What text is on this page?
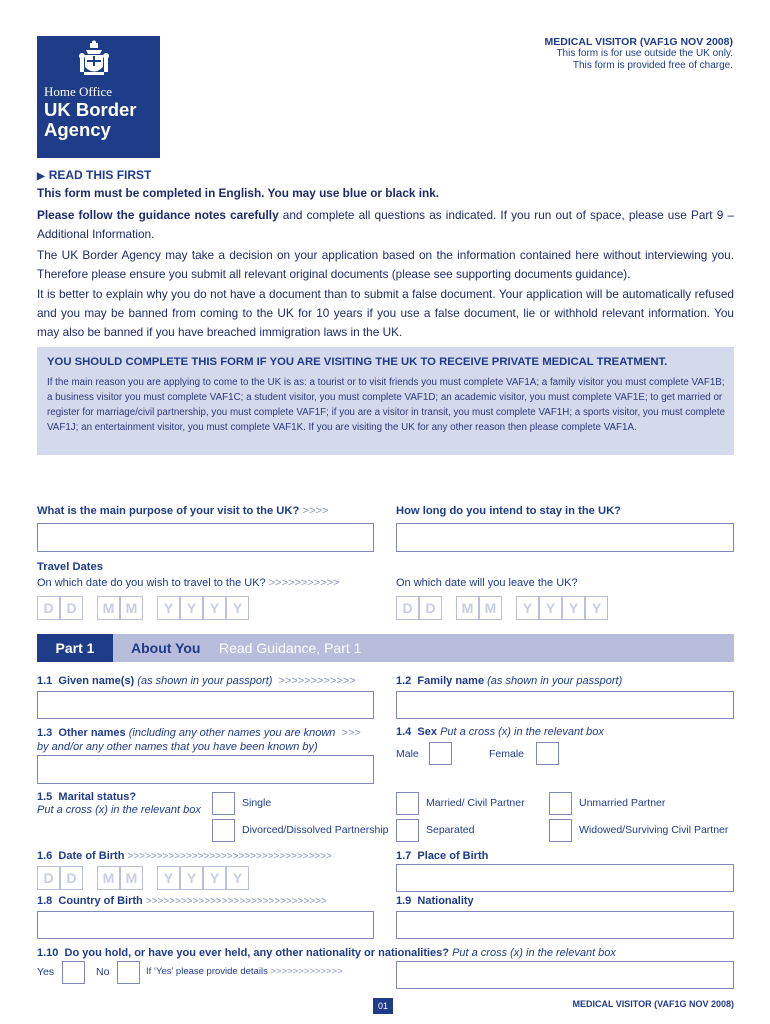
Home Office
UK Border
Agency
MEDICAL VISITOR (VAF1G NOV 2008)
This form is for use outside the UK only.
This form is provided free of charge.
▶ READ THIS FIRST
This form must be completed in English. You may use blue or black ink.
Please follow the guidance notes carefully and complete all questions as indicated. If you run out of space, please use Part 9 – Additional Information.
The UK Border Agency may take a decision on your application based on the information contained here without interviewing you. Therefore please ensure you submit all relevant original documents (please see supporting documents guidance).
It is better to explain why you do not have a document than to submit a false document. Your application will be automatically refused and you may be banned from coming to the UK for 10 years if you use a false document, lie or withhold relevant information. You may also be banned if you have breached immigration laws in the UK.
YOU SHOULD COMPLETE THIS FORM IF YOU ARE VISITING THE UK TO RECEIVE PRIVATE MEDICAL TREATMENT.
If the main reason you are applying to come to the UK is as: a tourist or to visit friends you must complete VAF1A; a family visitor you must complete VAF1B; a business visitor you must complete VAF1C; a student visitor, you must complete VAF1D; an academic visitor, you must complete VAF1E; to get married or register for marriage/civil partnership, you must complete VAF1F; if you are a visitor in transit, you must complete VAF1H; a sports visitor, you must complete VAF1J; an entertainment visitor, you must complete VAF1K. If you are visiting the UK for any other reason then please complete VAF1A.
What is the main purpose of your visit to the UK? >>>>	How long do you intend to stay in the UK?
Travel Dates
On which date do you wish to travel to the UK? >>>>>>>>>>>	On which date will you leave the UK?
D D	M M	Y Y Y Y	D D	M M	Y Y Y Y
Part 1	About You Read Guidance, Part 1
1.1 Given name(s) (as shown in your passport) >>>>>>>>>>>>	1.2 Family name (as shown in your passport)
1.3 Other names (including any other names you are known >>>
by and/or any other names that you have been known by)
1.4 Sex Put a cross (x) in the relevant box
Male	Female
1.5 Marital status?
Put a cross (x) in the relevant box
Single	Married/ Civil Partner	Unmarried Partner
Divorced/Dissolved Partnership	Separated	Widowed/Surviving Civil Partner
1.6 Date of Birth >>>>>>>>>>>>>>>>>>>>>>>>>>>>>>>>>>>	1.7 Place of Birth
D D	M M	Y Y Y Y
1.8 Country of Birth >>>>>>>>>>>>>>>>>>>>>>>>>>>>>>>	1.9 Nationality
1.10 Do you hold, or have you ever held, any other nationality or nationalities? Put a cross (x) in the relevant box
Yes	No	If ‘Yes’ please provide details >>>>>>>>>>>>>
01	MEDICAL VISITOR (VAF1G NOV 2008)
